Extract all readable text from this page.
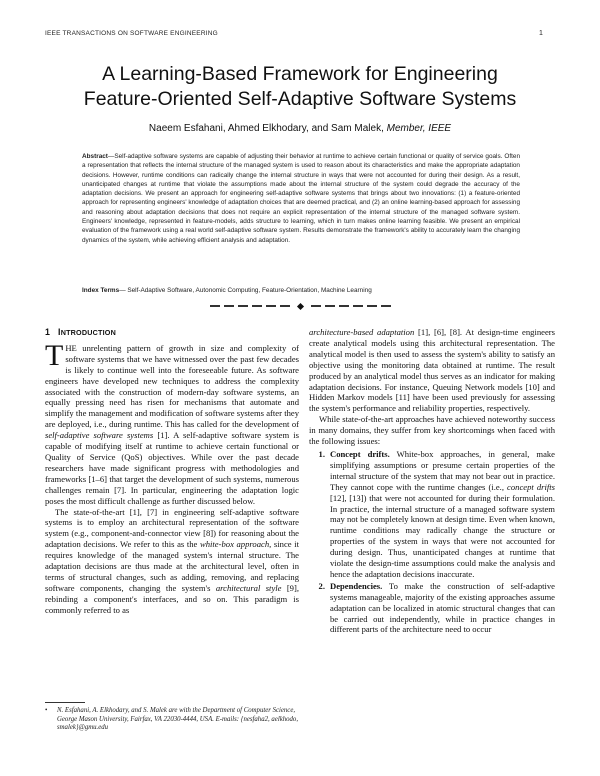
IEEE TRANSACTIONS ON SOFTWARE ENGINEERING	1
A Learning-Based Framework for Engineering
Feature-Oriented Self-Adaptive Software Systems
Naeem Esfahani, Ahmed Elkhodary, and Sam Malek, Member, IEEE
Abstract—Self-adaptive software systems are capable of adjusting their behavior at runtime to achieve certain functional or quality of service goals. Often a representation that reflects the internal structure of the managed system is used to reason about its characteristics and make the appropriate adaptation decisions. However, runtime conditions can radically change the internal structure in ways that were not accounted for during their design. As a result, unanticipated changes at runtime that violate the assumptions made about the internal structure of the system could degrade the accuracy of the adaptation decisions. We present an approach for engineering self-adaptive software systems that brings about two innovations: (1) a feature-oriented approach for representing engineers' knowledge of adaptation choices that are deemed practical, and (2) an online learning-based approach for assessing and reasoning about adaptation decisions that does not require an explicit representation of the internal structure of the managed software system. Engineers' knowledge, represented in feature-models, adds structure to learning, which in turn makes online learning feasible. We present an empirical evaluation of the framework using a real world self-adaptive software system. Results demonstrate the framework's ability to accurately learn the changing dynamics of the system, while achieving efficient analysis and adaptation.
Index Terms— Self-Adaptive Software, Autonomic Computing, Feature-Orientation, Machine Learning
1 INTRODUCTION

THE unrelenting pattern of growth in size and complexity of software systems that we have witnessed over the past few decades is likely to continue well into the foreseeable future. As software engineers have developed new techniques to address the complexity associated with the construction of modern-day software systems, an equally pressing need has risen for mechanisms that automate and simplify the management and modification of software systems after they are deployed, i.e., during runtime. This has called for the development of self-adaptive software systems [1]. A self-adaptive software system is capable of modifying itself at runtime to achieve certain functional or Quality of Service (QoS) objectives. While over the past decade researchers have made significant progress with methodologies and frameworks [1–6] that target the development of such systems, numerous challenges remain [7]. In particular, engineering the adaptation logic poses the most difficult challenge as further discussed below.

The state-of-the-art [1], [7] in engineering self-adaptive software systems is to employ an architectural representation of the software system (e.g., component-and-connector view [8]) for reasoning about the adaptation decisions. We refer to this as the white-box approach, since it requires knowledge of the managed system's internal structure. The adaptation decisions are thus made at the architectural level, often in terms of structural changes, such as adding, removing, and replacing software components, changing the system's architectural style [9], rebinding a component's interfaces, and so on. This paradigm is commonly referred to as

architecture-based adaptation [1], [6], [8]. At design-time engineers create analytical models using this architectural representation. The analytical model is then used to assess the system's ability to satisfy an objective using the monitoring data obtained at runtime. The result produced by an analytical model thus serves as an indicator for making adaptation decisions. For instance, Queuing Network models [10] and Hidden Markov models [11] have been used previously for assessing the system's performance and reliability properties, respectively.

While state-of-the-art approaches have achieved noteworthy success in many domains, they suffer from key shortcomings when faced with the following issues:

1. Concept drifts. White-box approaches, in general, make simplifying assumptions or presume certain properties of the internal structure of the system that may not bear out in practice. They cannot cope with the runtime changes (i.e., concept drifts [12], [13]) that were not accounted for during their formulation. In practice, the internal structure of a managed software system may not be completely known at design time. Even when known, runtime conditions may radically change the structure or properties of the system in ways that were not accounted for during design. Thus, unanticipated changes at runtime that violate the design-time assumptions could make the analysis and hence the adaptation decisions inaccurate.
2. Dependencies. To make the construction of self-adaptive systems manageable, majority of the existing approaches assume adaptation can be localized in atomic structural changes that can be carried out independently, while in practice changes in different parts of the architecture need to occur
•	N. Esfahani, A. Elkhodary, and S. Malek are with the Department of Computer Science, George Mason University, Fairfax, VA 22030-4444, USA. E-mails: {nesfaha2, aelkhodo, smalek}@gmu.edu
